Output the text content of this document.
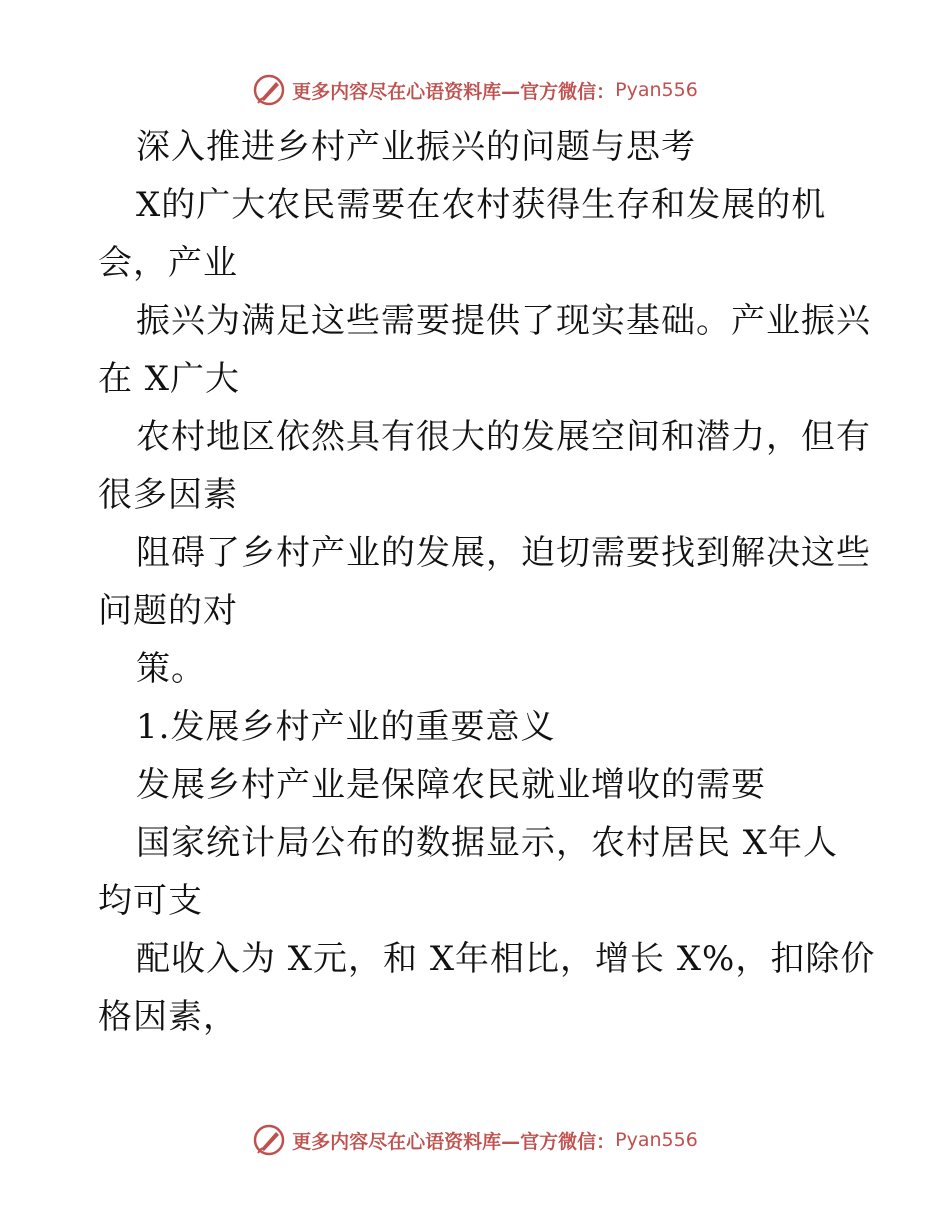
更多内容尽在心语资料库—官方微信： Pyan556
深入推进乡村产业振兴的问题与思考
X的广大农民需要在农村获得生存和发展的机
会，产业
振兴为满足这些需要提供了现实基础。产业振兴
在 X广大
农村地区依然具有很大的发展空间和潜力，但有
很多因素
阻碍了乡村产业的发展，迫切需要找到解决这些
问题的对
策。
1.发展乡村产业的重要意义
发展乡村产业是保障农民就业增收的需要
国家统计局公布的数据显示，农村居民 X年人
均可支
配收入为 X元，和 X年相比，增长 X%，扣除价
格因素，
更多内容尽在心语资料库—官方微信： Pyan556
